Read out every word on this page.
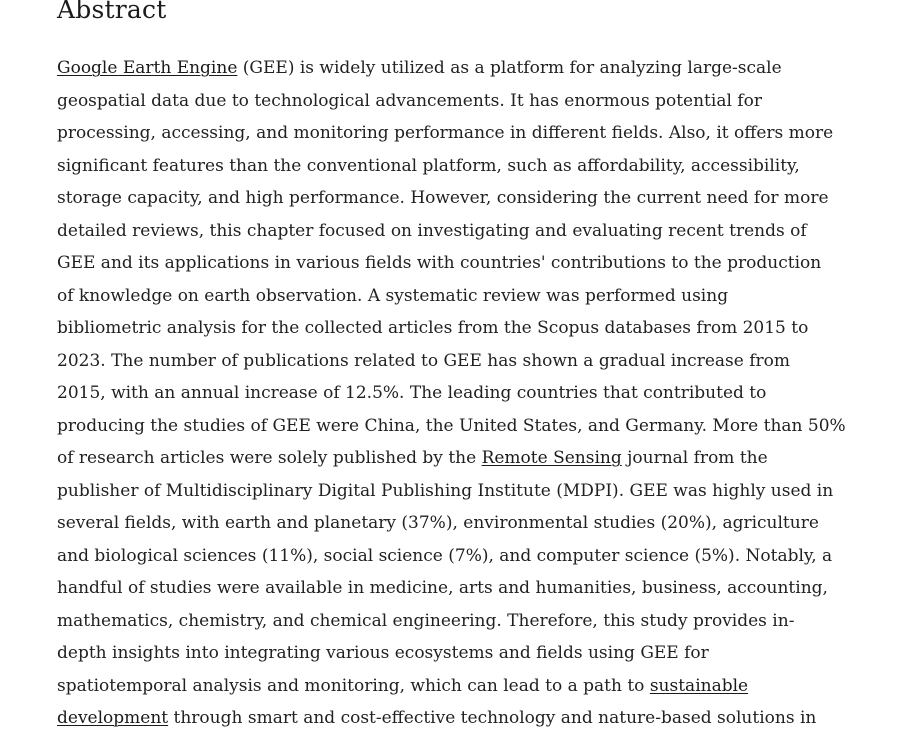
Abstract
Google Earth Engine (GEE) is widely utilized as a platform for analyzing large-scale
geospatial data due to technological advancements. It has enormous potential for
processing, accessing, and monitoring performance in different fields. Also, it offers more
significant features than the conventional platform, such as affordability, accessibility,
storage capacity, and high performance. However, considering the current need for more
detailed reviews, this chapter focused on investigating and evaluating recent trends of
GEE and its applications in various fields with countries' contributions to the production
of knowledge on earth observation. A systematic review was performed using
bibliometric analysis for the collected articles from the Scopus databases from 2015 to
2023. The number of publications related to GEE has shown a gradual increase from
2015, with an annual increase of 12.5%. The leading countries that contributed to
producing the studies of GEE were China, the United States, and Germany. More than 50%
of research articles were solely published by the Remote Sensing journal from the
publisher of Multidisciplinary Digital Publishing Institute (MDPI). GEE was highly used in
several fields, with earth and planetary (37%), environmental studies (20%), agriculture
and biological sciences (11%), social science (7%), and computer science (5%). Notably, a
handful of studies were available in medicine, arts and humanities, business, accounting,
mathematics, chemistry, and chemical engineering. Therefore, this study provides in-
depth insights into integrating various ecosystems and fields using GEE for
spatiotemporal analysis and monitoring, which can lead to a path to sustainable
development through smart and cost-effective technology and nature-based solutions in
